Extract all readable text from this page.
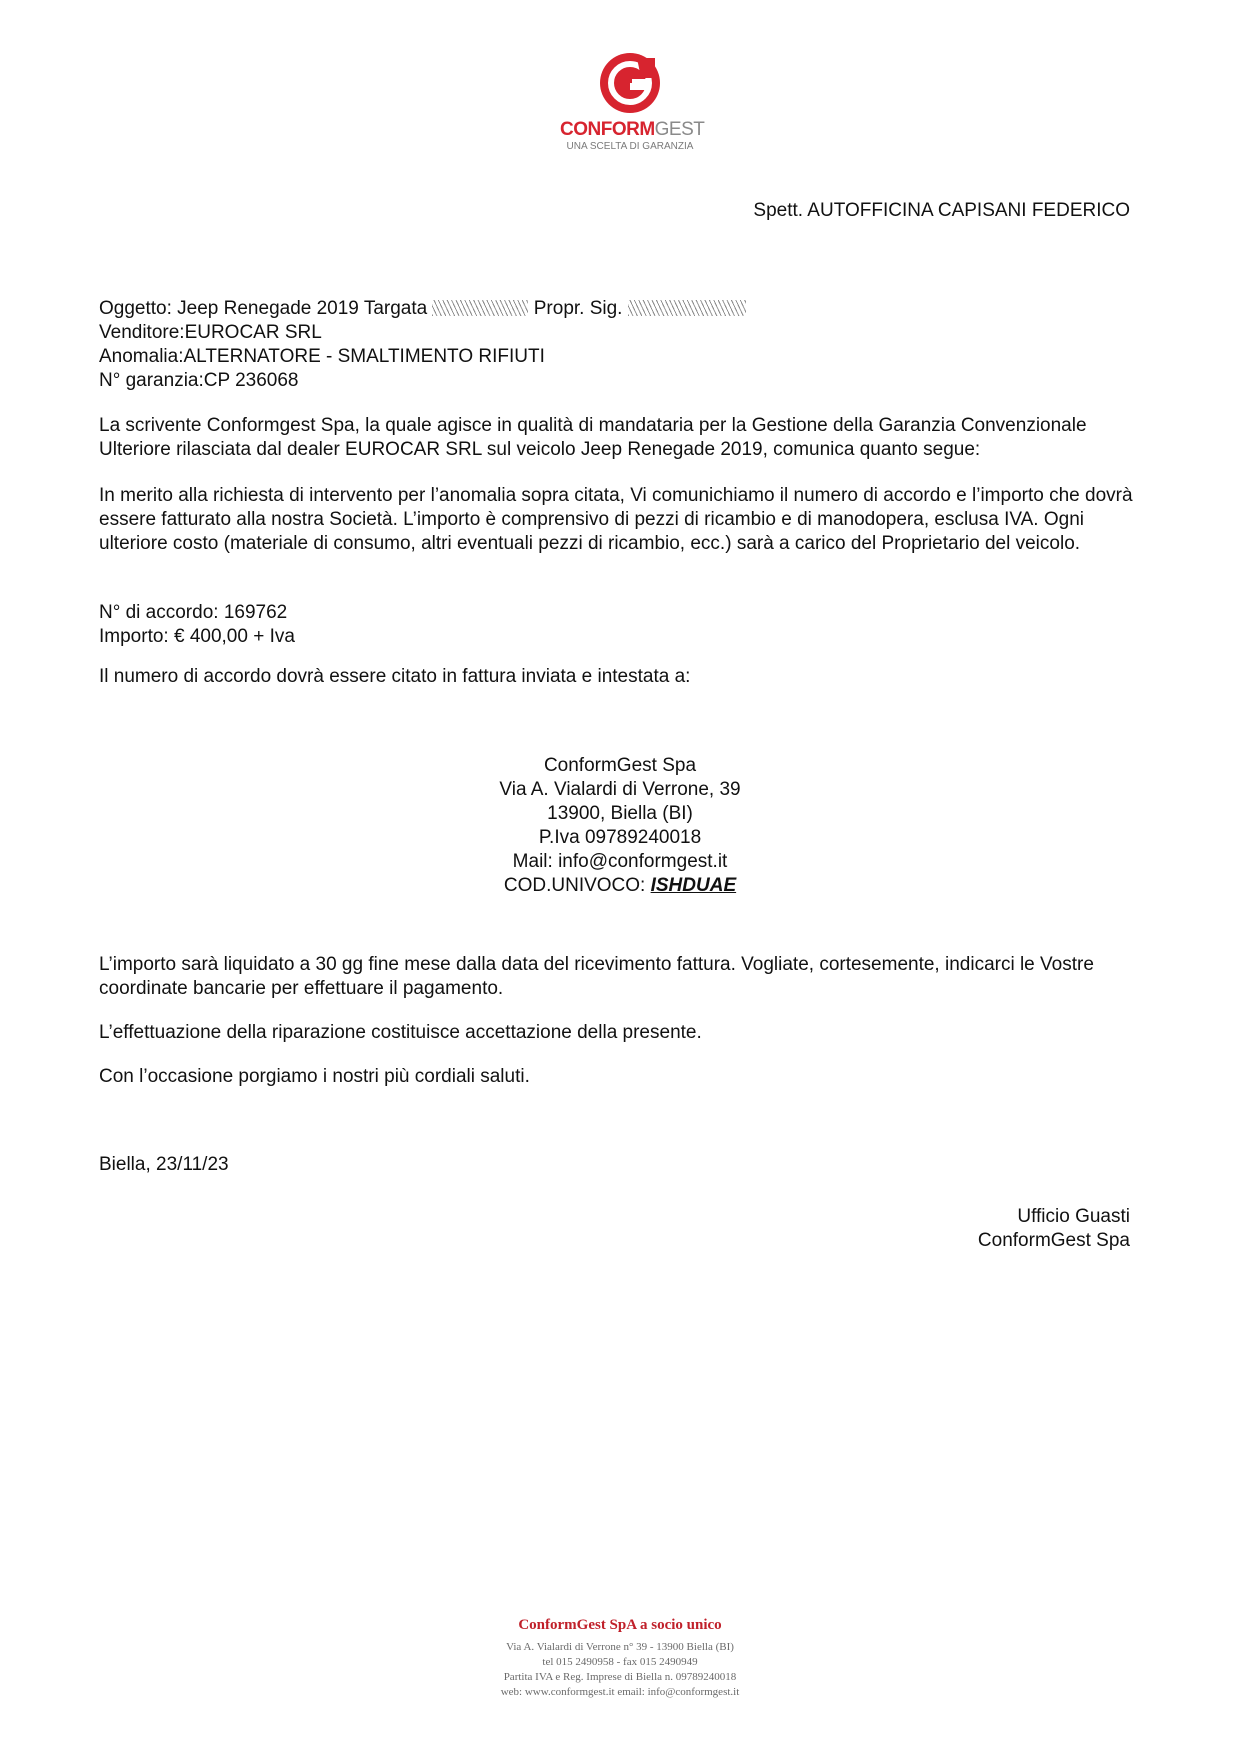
CONFORMGEST
UNA SCELTA DI GARANZIA
Spett. AUTOFFICINA CAPISANI FEDERICO

Oggetto: Jeep Renegade 2019 Targata	Propr. Sig.

Venditore:EUROCAR SRL

Anomalia:ALTERNATORE - SMALTIMENTO RIFIUTI

N° garanzia:CP 236068

La scrivente Conformgest Spa, la quale agisce in qualità di mandataria per la Gestione della Garanzia Convenzionale Ulteriore rilasciata dal dealer EUROCAR SRL sul veicolo Jeep Renegade 2019, comunica quanto segue:
In merito alla richiesta di intervento per l’anomalia sopra citata, Vi comunichiamo il numero di accordo e l’importo che dovrà essere fatturato alla nostra Società. L’importo è comprensivo di pezzi di ricambio e di manodopera, esclusa IVA. Ogni ulteriore costo (materiale di consumo, altri eventuali pezzi di ricambio, ecc.) sarà a carico del Proprietario del veicolo.

N° di accordo: 169762

Importo: € 400,00 + Iva

Il numero di accordo dovrà essere citato in fattura inviata e intestata a:
ConformGest Spa
Via A. Vialardi di Verrone, 39
13900, Biella (BI)
P.Iva 09789240018
Mail: info@conformgest.it
COD.UNIVOCO: ISHDUAE
L’importo sarà liquidato a 30 gg fine mese dalla data del ricevimento fattura. Vogliate, cortesemente, indicarci le Vostre coordinate bancarie per effettuare il pagamento.
L’effettuazione della riparazione costituisce accettazione della presente.
Con l’occasione porgiamo i nostri più cordiali saluti.
Biella, 23/11/23
Ufficio Guasti
ConformGest Spa
ConformGest SpA a socio unico
Via A. Vialardi di Verrone n° 39 - 13900 Biella (BI)
tel 015 2490958 - fax 015 2490949
Partita IVA e Reg. Imprese di Biella n. 09789240018
web: www.conformgest.it email: info@conformgest.it
